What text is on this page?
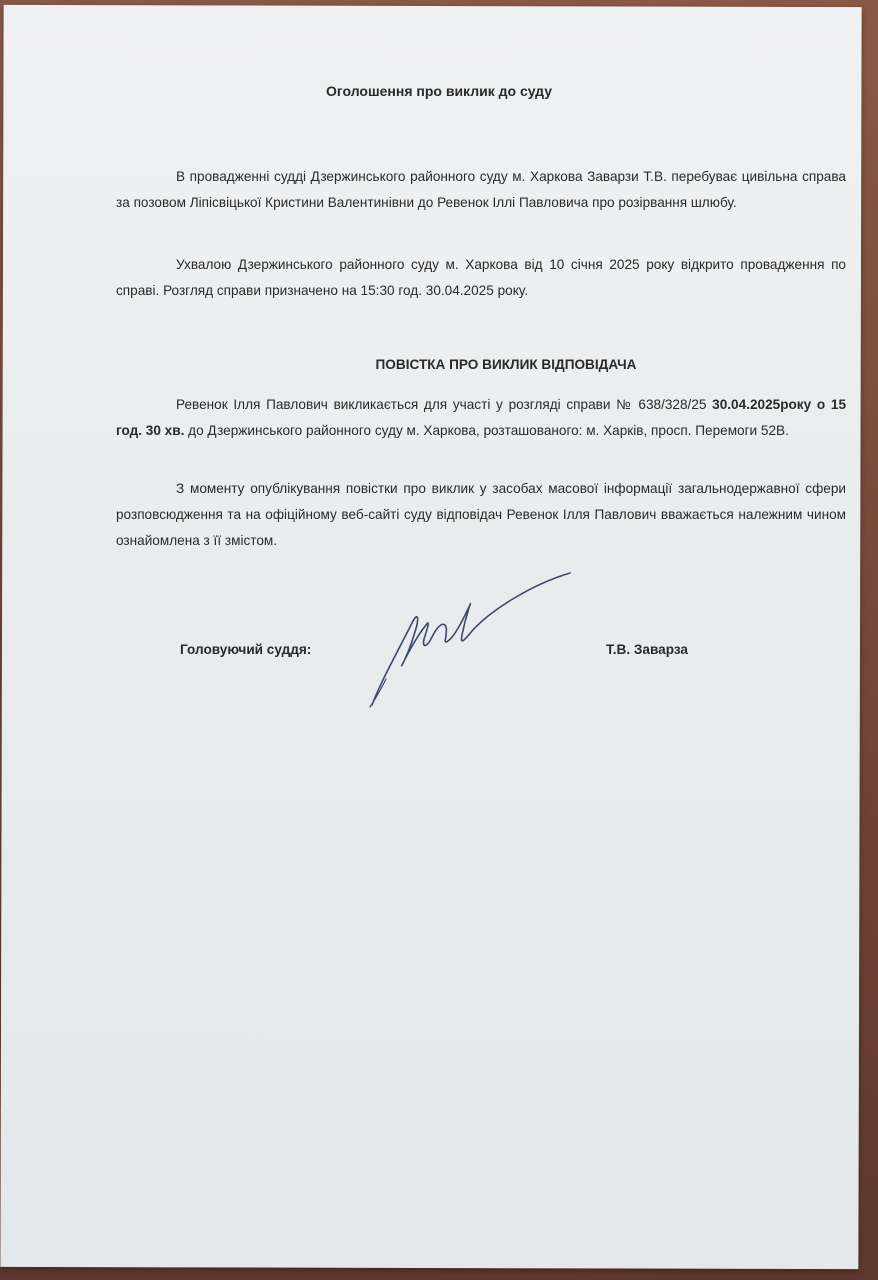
Оголошення про виклик до суду
В провадженні судді Дзержинського районного суду м. Харкова Заварзи Т.В. перебуває цивільна справа за позовом Ліпісвіцької Кристини Валентинівни до Ревенок Іллі Павловича про розірвання шлюбу.
Ухвалою Дзержинського районного суду м. Харкова від 10 січня 2025 року відкрито провадження по справі. Розгляд справи призначено на 15:30 год. 30.04.2025 року.
ПОВІСТКА ПРО ВИКЛИК ВІДПОВІДАЧА
Ревенок Ілля Павлович викликається для участі у розгляді справи № 638/328/25 30.04.2025року о 15 год. 30 хв. до Дзержинського районного суду м. Харкова, розташованого: м. Харків, просп. Перемоги 52В.
З моменту опублікування повістки про виклик у засобах масової інформації загальнодержавної сфери розповсюдження та на офіційному веб-сайті суду відповідач Ревенок Ілля Павлович вважається належним чином ознайомлена з її змістом.
Головуючий суддя:	Т.В. Заварза
